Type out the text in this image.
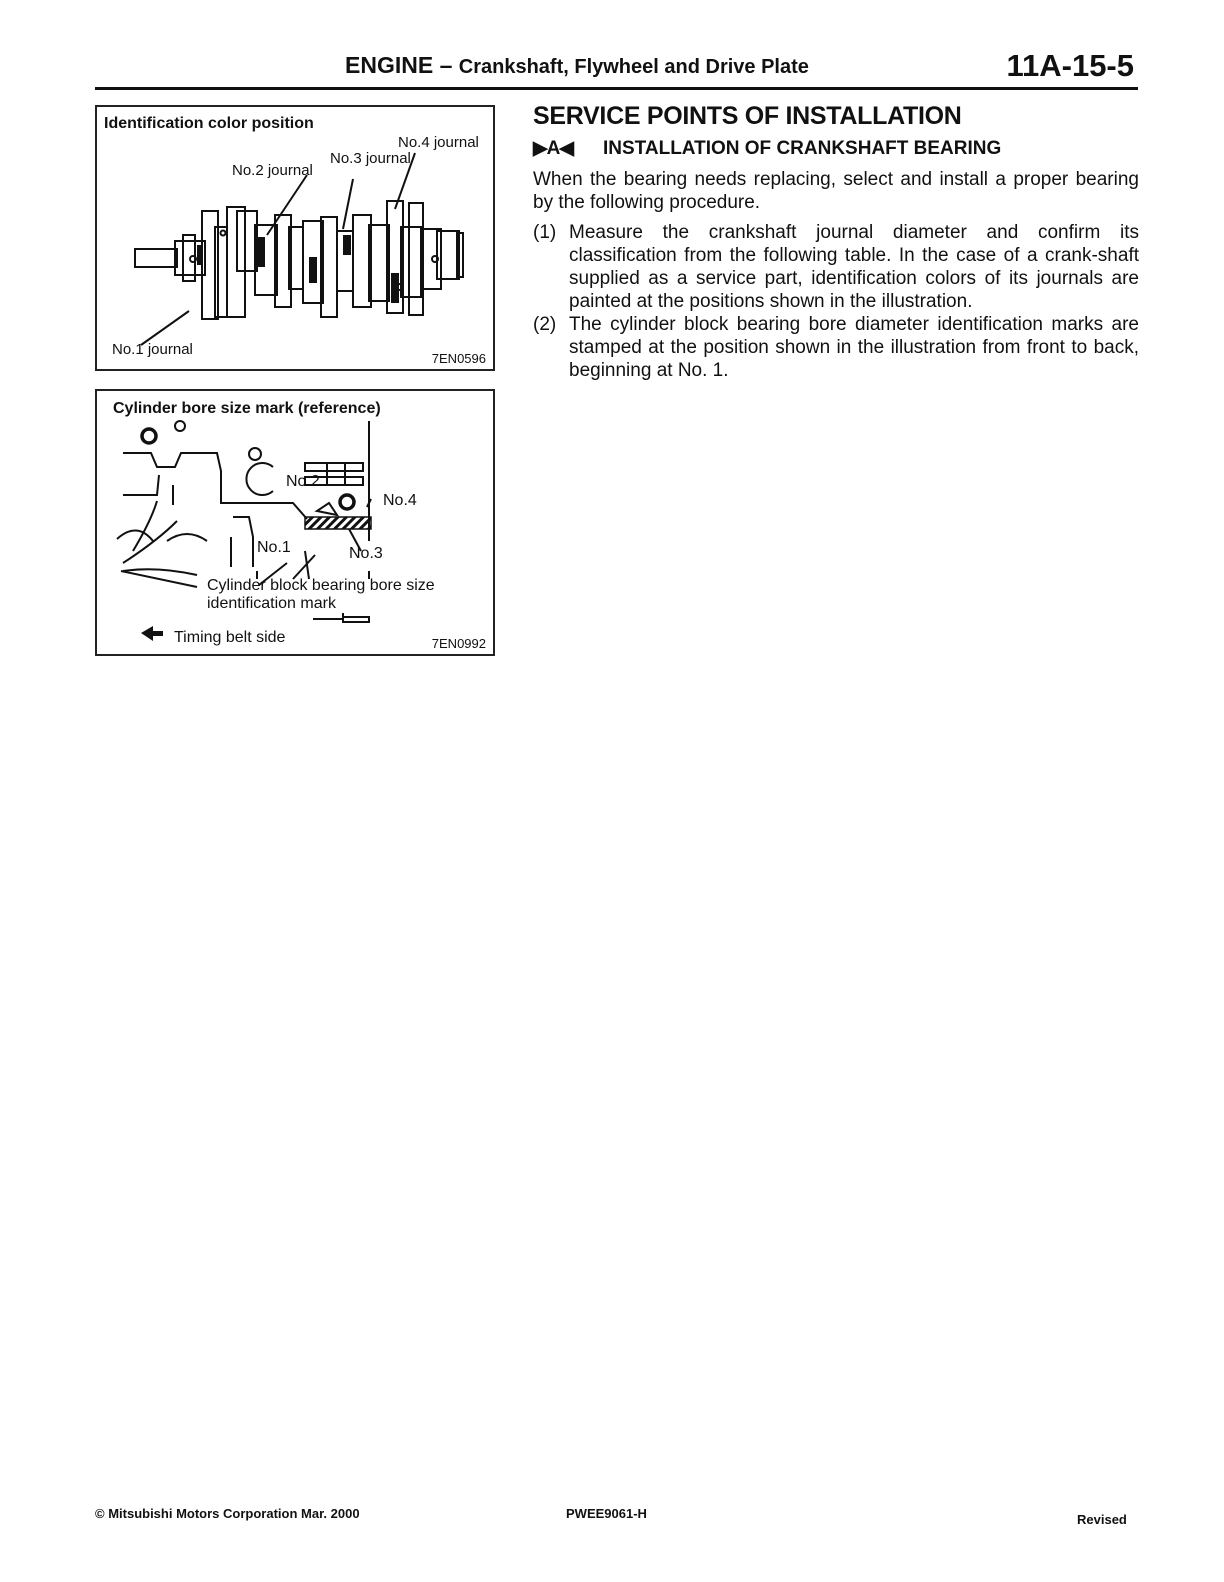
ENGINE – Crankshaft, Flywheel and Drive Plate	11A-15-5
Identification color position
No.4 journal
No.3 journal
No.2 journal
No.1 journal
7EN0596
Cylinder bore size mark (reference)
No.2
No.4
No.1	No.3
Cylinder block bearing bore size
identification mark
Timing belt side	7EN0992
SERVICE POINTS OF INSTALLATION
▶A◀	INSTALLATION OF CRANKSHAFT BEARING
When the bearing needs replacing, select and install a proper bearing by the following procedure.
(1) Measure the crankshaft journal diameter and confirm its classification from the following table. In the case of a crank-shaft supplied as a service part, identification colors of its journals are painted at the positions shown in the illustration.
(2) The cylinder block bearing bore diameter identification marks are stamped at the position shown in the illustration from front to back, beginning at No. 1.
© Mitsubishi Motors Corporation Mar. 2000	PWEE9061-H	Revised
